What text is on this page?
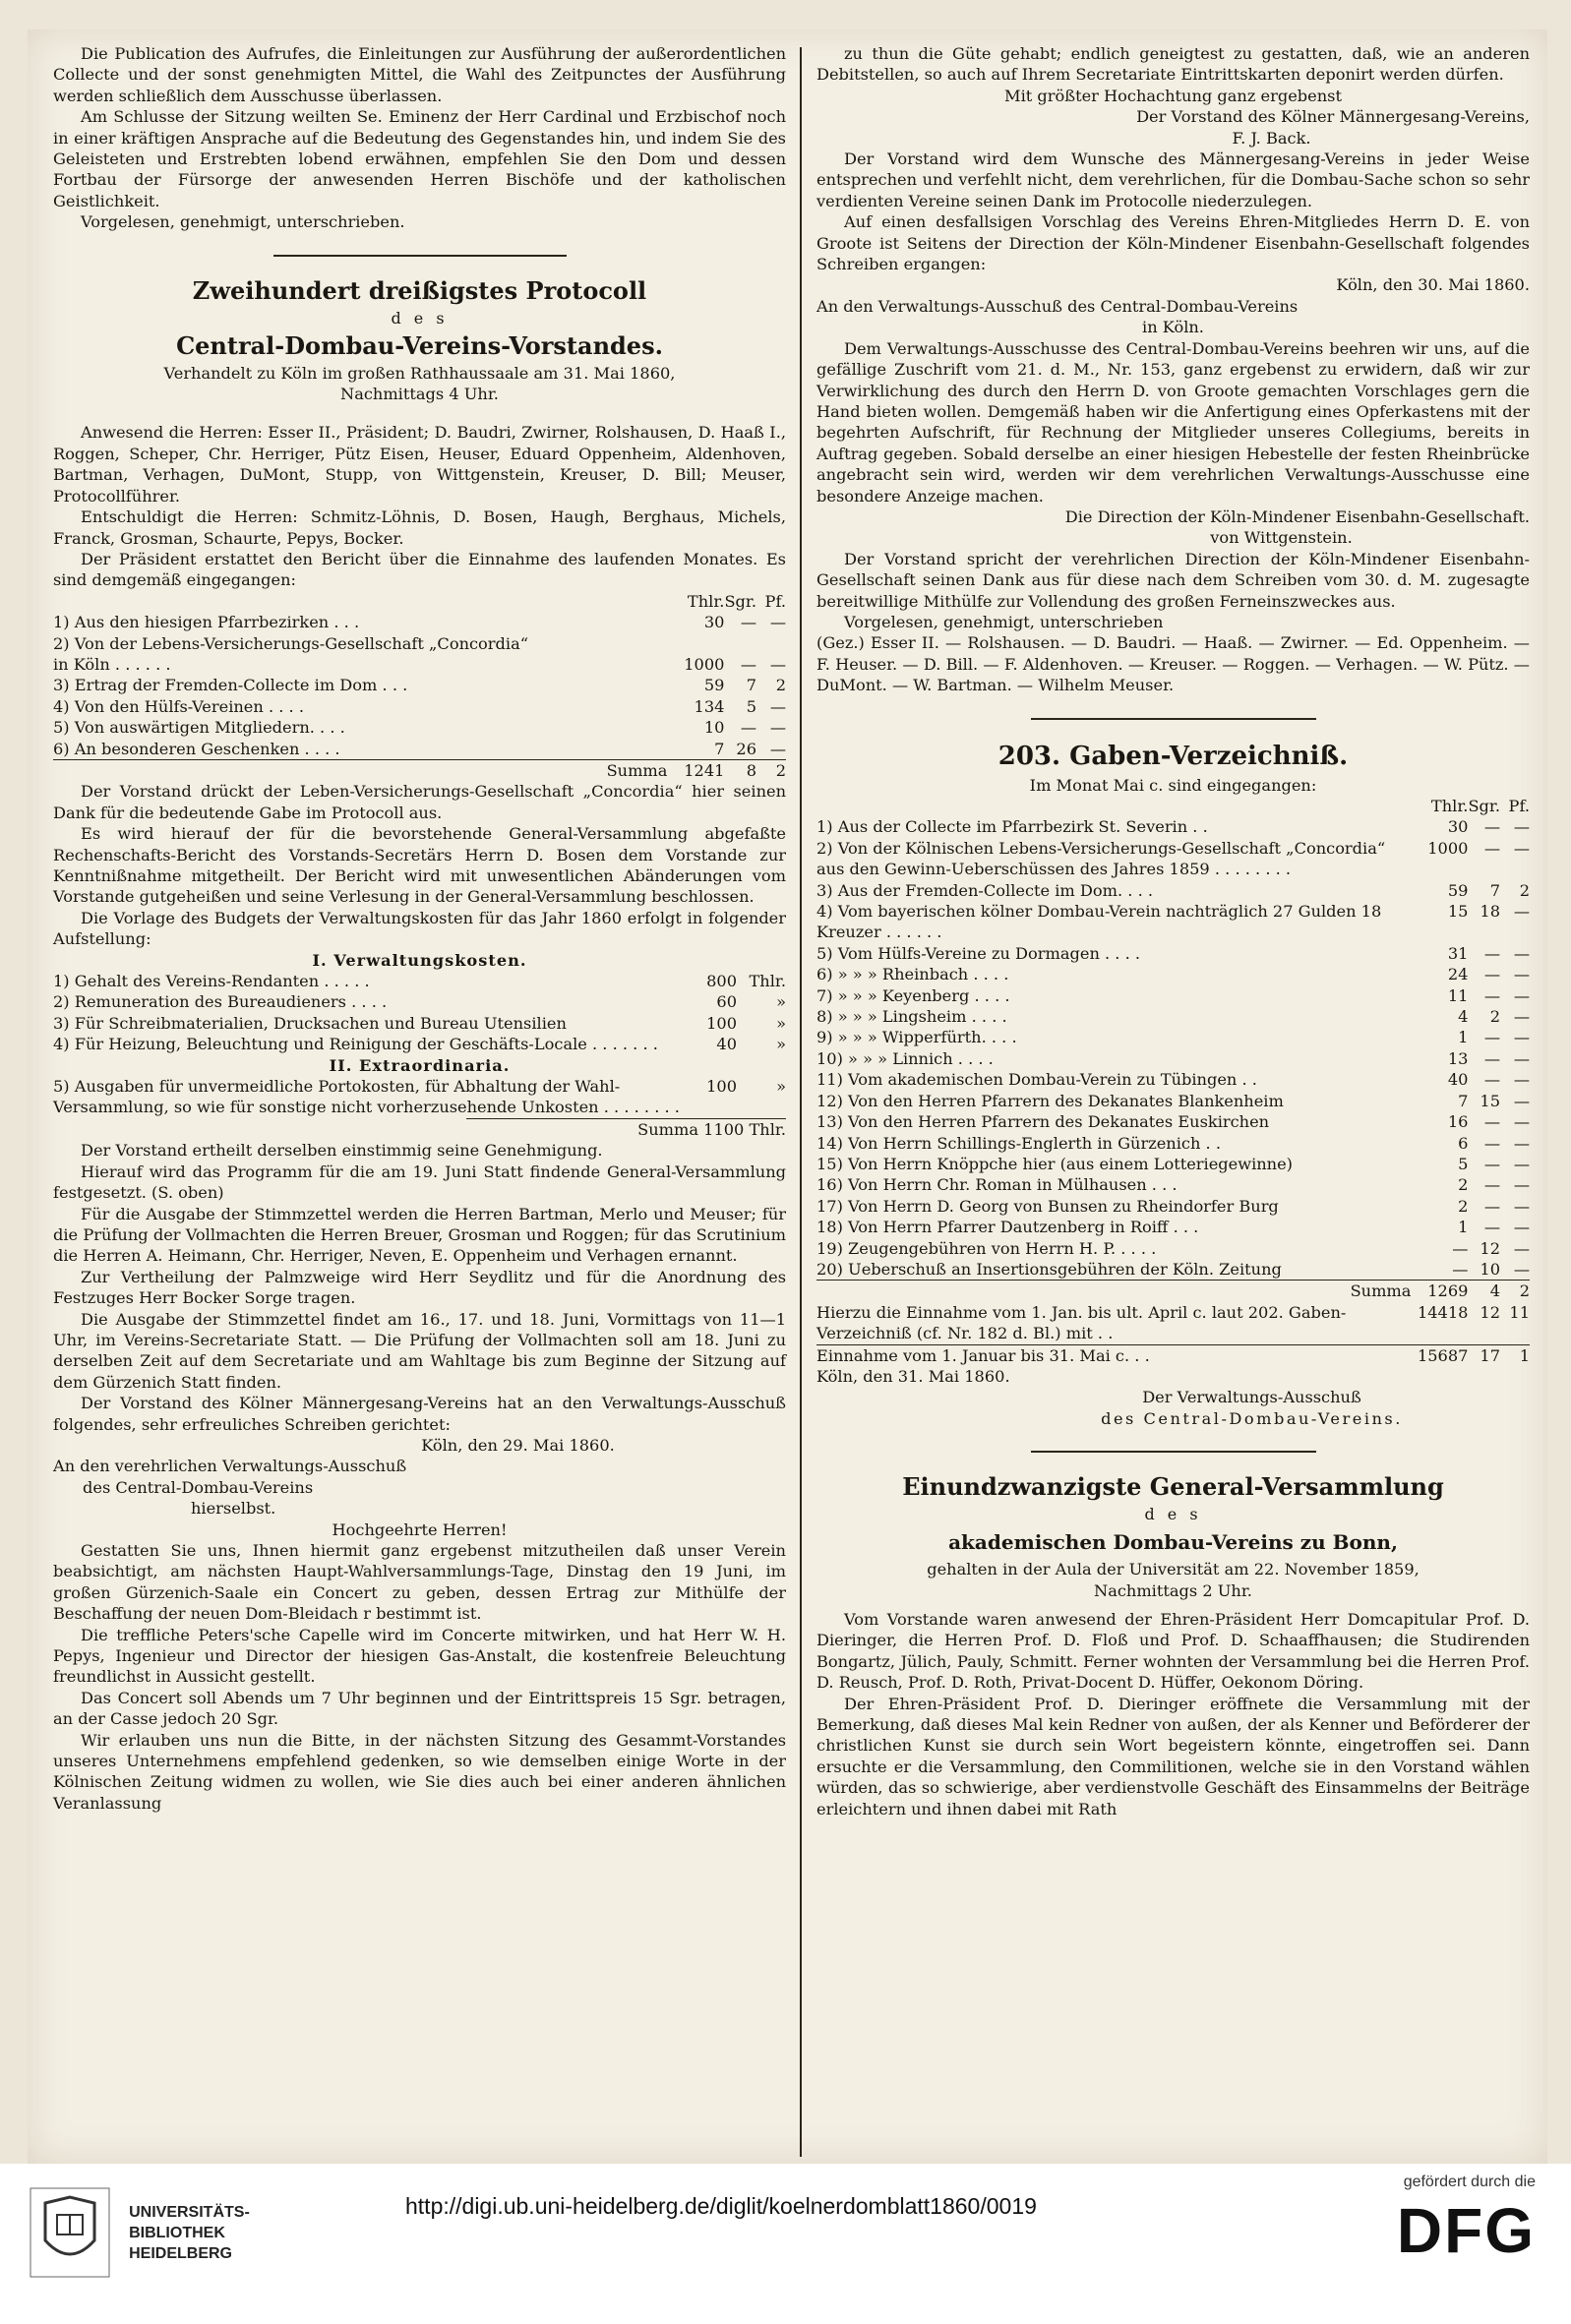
Die Publication des Aufrufes, die Einleitungen zur Ausführung der außerordentlichen Collecte und der sonst genehmigten Mittel, die Wahl des Zeitpunctes der Ausführung werden schließlich dem Ausschusse überlassen.

Am Schlusse der Sitzung weilten Se. Eminenz der Herr Cardinal und Erzbischof noch in einer kräftigen Ansprache auf die Bedeutung des Gegenstandes hin, und indem Sie des Geleisteten und Erstrebten lobend erwähnen, empfehlen Sie den Dom und dessen Fortbau der Fürsorge der anwesenden Herren Bischöfe und der katholischen Geistlichkeit.

Vorgelesen, genehmigt, unterschrieben.

Zweihundert dreißigstes Protocoll
d e s
Central-Dombau-Vereins-Vorstandes.

Verhandelt zu Köln im großen Rathhaussaale am 31. Mai 1860,

Nachmittags 4 Uhr.

Anwesend die Herren: Esser II., Präsident; D. Baudri, Zwirner, Rolshausen, D. Haaß I., Roggen, Scheper, Chr. Herriger, Pütz Eisen, Heuser, Eduard Oppenheim, Aldenhoven, Bartman, Verhagen, DuMont, Stupp, von Wittgenstein, Kreuser, D. Bill; Meuser, Protocollführer.

Entschuldigt die Herren: Schmitz-Löhnis, D. Bosen, Haugh, Berghaus, Michels, Franck, Grosman, Schaurte, Pepys, Bocker.

Der Präsident erstattet den Bericht über die Einnahme des laufenden Monates. Es sind demgemäß eingegangen:

	Thlr.	Sgr.	Pf.
1) Aus den hiesigen Pfarrbezirken . . .	30	—	—
2) Von der Lebens-Versicherungs-Gesellschaft „Concordia“			
in Köln . . . . . .	1000	—	—
3) Ertrag der Fremden-Collecte im Dom . . .	59	7	2
4) Von den Hülfs-Vereinen . . . .	134	5	—
5) Von auswärtigen Mitgliedern. . . .	10	—	—
6) An besonderen Geschenken . . . .	7	26	—
Summa	1241	8	2

Der Vorstand drückt der Leben-Versicherungs-Gesellschaft „Concordia“ hier seinen Dank für die bedeutende Gabe im Protocoll aus.

Es wird hierauf der für die bevorstehende General-Versammlung abgefaßte Rechenschafts-Bericht des Vorstands-Secretärs Herrn D. Bosen dem Vorstande zur Kenntnißnahme mitgetheilt. Der Bericht wird mit unwesentlichen Abänderungen vom Vorstande gutgeheißen und seine Verlesung in der General-Versammlung beschlossen.

Die Vorlage des Budgets der Verwaltungskosten für das Jahr 1860 erfolgt in folgender Aufstellung:

I. Verwaltungskosten.
1) Gehalt des Vereins-Rendanten . . . . .	800	Thlr.
2) Remuneration des Bureaudieners . . . .	60	»
3) Für Schreibmaterialien, Drucksachen und Bureau Utensilien	100	»
4) Für Heizung, Beleuchtung und Reinigung der Geschäfts-Locale . . . . . . .	40	»
II. Extraordinaria.
5) Ausgaben für unvermeidliche Portokosten, für Abhaltung der Wahl-Versammlung, so wie für sonstige nicht vorherzusehende Unkosten . . . . . . . .	100	»

Summa 1100 Thlr.

Der Vorstand ertheilt derselben einstimmig seine Genehmigung.

Hierauf wird das Programm für die am 19. Juni Statt findende General-Versammlung festgesetzt. (S. oben)

Für die Ausgabe der Stimmzettel werden die Herren Bartman, Merlo und Meuser; für die Prüfung der Vollmachten die Herren Breuer, Grosman und Roggen; für das Scrutinium die Herren A. Heimann, Chr. Herriger, Neven, E. Oppenheim und Verhagen ernannt.

Zur Vertheilung der Palmzweige wird Herr Seydlitz und für die Anordnung des Festzuges Herr Bocker Sorge tragen.

Die Ausgabe der Stimmzettel findet am 16., 17. und 18. Juni, Vormittags von 11—1 Uhr, im Vereins-Secretariate Statt. — Die Prüfung der Vollmachten soll am 18. Juni zu derselben Zeit auf dem Secretariate und am Wahltage bis zum Beginne der Sitzung auf dem Gürzenich Statt finden.

Der Vorstand des Kölner Männergesang-Vereins hat an den Verwaltungs-Ausschuß folgendes, sehr erfreuliches Schreiben gerichtet:

Köln, den 29. Mai 1860.

An den verehrlichen Verwaltungs-Ausschuß

des Central-Dombau-Vereins

hierselbst.

Hochgeehrte Herren!

Gestatten Sie uns, Ihnen hiermit ganz ergebenst mitzutheilen daß unser Verein beabsichtigt, am nächsten Haupt-Wahlversammlungs-Tage, Dinstag den 19 Juni, im großen Gürzenich-Saale ein Concert zu geben, dessen Ertrag zur Mithülfe der Beschaffung der neuen Dom-Bleidach r bestimmt ist.

Die treffliche Peters'sche Capelle wird im Concerte mitwirken, und hat Herr W. H. Pepys, Ingenieur und Director der hiesigen Gas-Anstalt, die kostenfreie Beleuchtung freundlichst in Aussicht gestellt.

Das Concert soll Abends um 7 Uhr beginnen und der Eintrittspreis 15 Sgr. betragen, an der Casse jedoch 20 Sgr.

Wir erlauben uns nun die Bitte, in der nächsten Sitzung des Gesammt-Vorstandes unseres Unternehmens empfehlend gedenken, so wie demselben einige Worte in der Kölnischen Zeitung widmen zu wollen, wie Sie dies auch bei einer anderen ähnlichen Veranlassung

zu thun die Güte gehabt; endlich geneigtest zu gestatten, daß, wie an anderen Debitstellen, so auch auf Ihrem Secretariate Eintrittskarten deponirt werden dürfen.

Mit größter Hochachtung ganz ergebenst

Der Vorstand des Kölner Männergesang-Vereins,

F. J. Back.

Der Vorstand wird dem Wunsche des Männergesang-Vereins in jeder Weise entsprechen und verfehlt nicht, dem verehrlichen, für die Dombau-Sache schon so sehr verdienten Vereine seinen Dank im Protocolle niederzulegen.

Auf einen desfallsigen Vorschlag des Vereins Ehren-Mitgliedes Herrn D. E. von Groote ist Seitens der Direction der Köln-Mindener Eisenbahn-Gesellschaft folgendes Schreiben ergangen:

Köln, den 30. Mai 1860.

An den Verwaltungs-Ausschuß des Central-Dombau-Vereins

in Köln.

Dem Verwaltungs-Ausschusse des Central-Dombau-Vereins beehren wir uns, auf die gefällige Zuschrift vom 21. d. M., Nr. 153, ganz ergebenst zu erwidern, daß wir zur Verwirklichung des durch den Herrn D. von Groote gemachten Vorschlages gern die Hand bieten wollen. Demgemäß haben wir die Anfertigung eines Opferkastens mit der begehrten Aufschrift, für Rechnung der Mitglieder unseres Collegiums, bereits in Auftrag gegeben. Sobald derselbe an einer hiesigen Hebestelle der festen Rheinbrücke angebracht sein wird, werden wir dem verehrlichen Verwaltungs-Ausschusse eine besondere Anzeige machen.

Die Direction der Köln-Mindener Eisenbahn-Gesellschaft.

von Wittgenstein.

Der Vorstand spricht der verehrlichen Direction der Köln-Mindener Eisenbahn-Gesellschaft seinen Dank aus für diese nach dem Schreiben vom 30. d. M. zugesagte bereitwillige Mithülfe zur Vollendung des großen Ferneinszweckes aus.

Vorgelesen, genehmigt, unterschrieben

(Gez.) Esser II. — Rolshausen. — D. Baudri. — Haaß. — Zwirner. — Ed. Oppenheim. — F. Heuser. — D. Bill. — F. Aldenhoven. — Kreuser. — Roggen. — Verhagen. — W. Pütz. — DuMont. — W. Bartman. — Wilhelm Meuser.

203. Gaben-Verzeichniß.

Im Monat Mai c. sind eingegangen:

	Thlr.	Sgr.	Pf.
1) Aus der Collecte im Pfarrbezirk St. Severin . .	30	—	—
2) Von der Kölnischen Lebens-Versicherungs-Gesellschaft „Concordia“ aus den Gewinn-Ueberschüssen des Jahres 1859 . . . . . . . .	1000	—	—
3) Aus der Fremden-Collecte im Dom. . . .	59	7	2
4) Vom bayerischen kölner Dombau-Verein nachträglich 27 Gulden 18 Kreuzer . . . . . .	15	18	—
5) Vom Hülfs-Vereine zu Dormagen . . . .	31	—	—
6) » » » Rheinbach . . . .	24	—	—
7) » » » Keyenberg . . . .	11	—	—
8) » » » Lingsheim . . . .	4	2	—
9) » » » Wipperfürth. . . .	1	—	—
10) » » » Linnich . . . .	13	—	—
11) Vom akademischen Dombau-Verein zu Tübingen . .	40	—	—
12) Von den Herren Pfarrern des Dekanates Blankenheim	7	15	—
13) Von den Herren Pfarrern des Dekanates Euskirchen	16	—	—
14) Von Herrn Schillings-Englerth in Gürzenich . .	6	—	—
15) Von Herrn Knöppche hier (aus einem Lotteriegewinne)	5	—	—
16) Von Herrn Chr. Roman in Mülhausen . . .	2	—	—
17) Von Herrn D. Georg von Bunsen zu Rheindorfer Burg	2	—	—
18) Von Herrn Pfarrer Dautzenberg in Roiff . . .	1	—	—
19) Zeugengebühren von Herrn H. P. . . . .	—	12	—
20) Ueberschuß an Insertionsgebühren der Köln. Zeitung	—	10	—
Summa	1269	4	2
Hierzu die Einnahme vom 1. Jan. bis ult. April c. laut 202. Gaben-Verzeichniß (cf. Nr. 182 d. Bl.) mit . .	14418	12	11
Einnahme vom 1. Januar bis 31. Mai c. . .	15687	17	1

Köln, den 31. Mai 1860.

Der Verwaltungs-Ausschuß

des Central-Dombau-Vereins.

Einundzwanzigste General-Versammlung
d e s
akademischen Dombau-Vereins zu Bonn,

gehalten in der Aula der Universität am 22. November 1859,

Nachmittags 2 Uhr.

Vom Vorstande waren anwesend der Ehren-Präsident Herr Domcapitular Prof. D. Dieringer, die Herren Prof. D. Floß und Prof. D. Schaaffhausen; die Studirenden Bongartz, Jülich, Pauly, Schmitt. Ferner wohnten der Versammlung bei die Herren Prof. D. Reusch, Prof. D. Roth, Privat-Docent D. Hüffer, Oekonom Döring.

Der Ehren-Präsident Prof. D. Dieringer eröffnete die Versammlung mit der Bemerkung, daß dieses Mal kein Redner von außen, der als Kenner und Beförderer der christlichen Kunst sie durch sein Wort begeistern könnte, eingetroffen sei. Dann ersuchte er die Versammlung, den Commilitionen, welche sie in den Vorstand wählen würden, das so schwierige, aber verdienstvolle Geschäft des Einsammelns der Beiträge erleichtern und ihnen dabei mit Rath

UNIVERSITÄTS-
BIBLIOTHEK
HEIDELBERG
http://digi.ub.uni-heidelberg.de/diglit/koelnerdomblatt1860/0019
gefördert durch die
DFG
